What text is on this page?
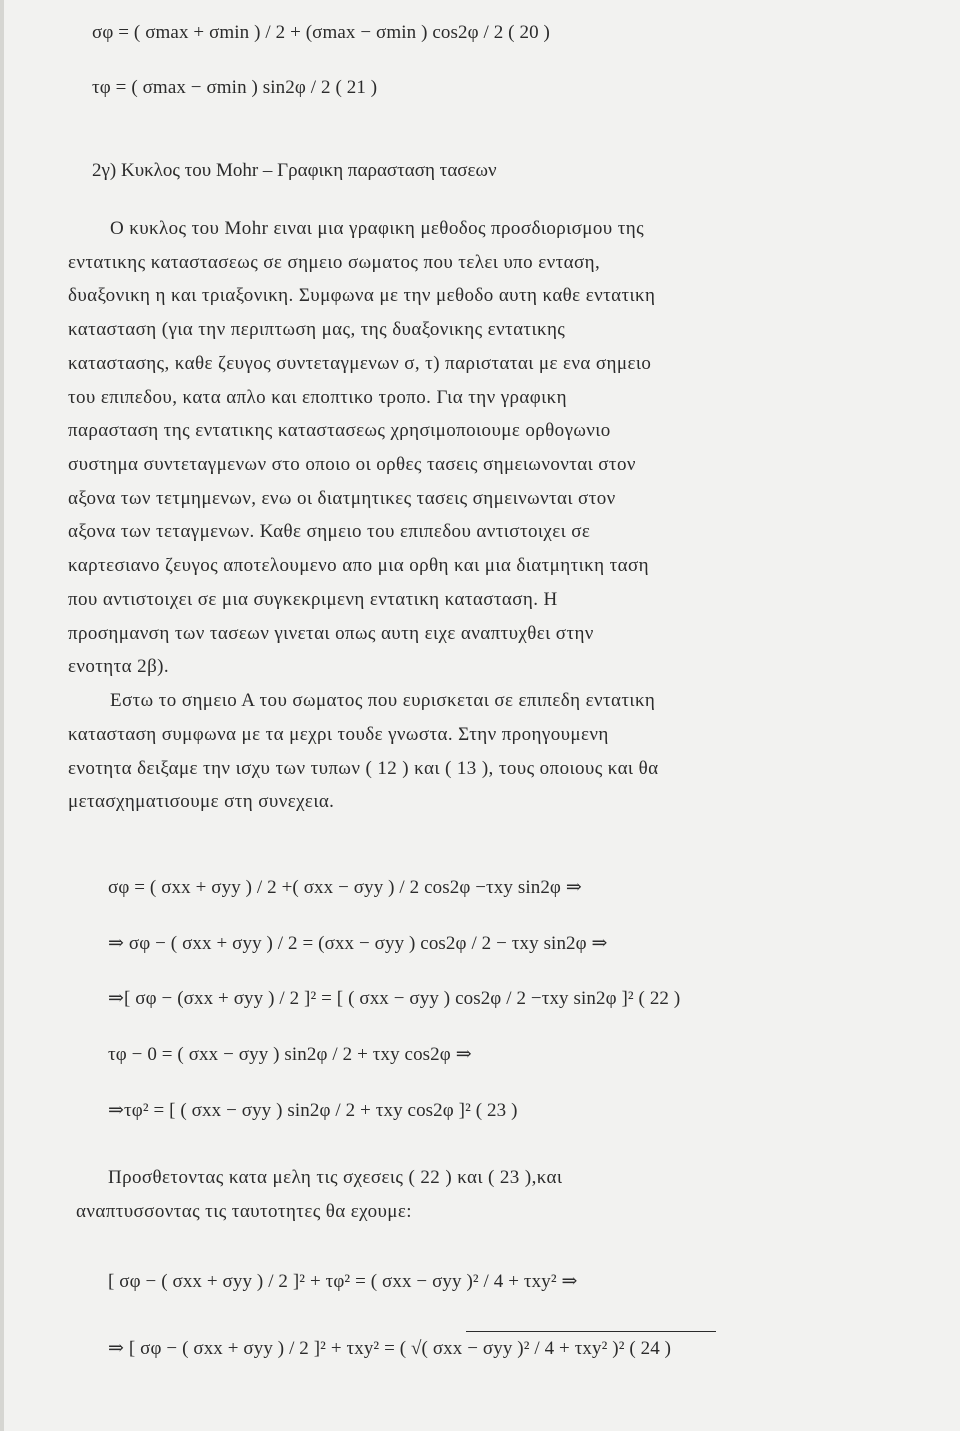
σφ = ( σmax + σmin ) / 2 + (σmax − σmin ) cos2φ / 2 ( 20 )
τφ = ( σmax − σmin ) sin2φ / 2 ( 21 )
2γ) Κυκλος του Mohr – Γραφικη παρασταση τασεων
Ο κυκλος του Mohr ειναι μια γραφικη μεθοδος προσδιορισμου της
εντατικης καταστασεως σε σημειο σωματος που τελει υπο ενταση,
δυαξονικη η και τριαξονικη. Συμφωνα με την μεθοδο αυτη καθε εντατικη
κατασταση (για την περιπτωση μας, της δυαξονικης εντατικης
καταστασης, καθε ζευγος συντεταγμενων σ, τ) παρισταται με ενα σημειο
του επιπεδου, κατα απλο και εποπτικο τροπο. Για την γραφικη
παρασταση της εντατικης καταστασεως χρησιμοποιουμε ορθογωνιο
συστημα συντεταγμενων στο οποιο οι ορθες τασεις σημειωνονται στον
αξονα των τετμημενων, ενω οι διατμητικες τασεις σημεινωνται στον
αξονα των τεταγμενων. Καθε σημειο του επιπεδου αντιστοιχει σε
καρτεσιανο ζευγος αποτελουμενο απο μια ορθη και μια διατμητικη ταση
που αντιστοιχει σε μια συγκεκριμενη εντατικη κατασταση. Η
προσημανση των τασεων γινεται οπως αυτη ειχε αναπτυχθει στην
ενοτητα 2β).
Εστω το σημειο Α του σωματος που ευρισκεται σε επιπεδη εντατικη
κατασταση συμφωνα με τα μεχρι τουδε γνωστα. Στην προηγουμενη
ενοτητα δειξαμε την ισχυ των τυπων ( 12 ) και ( 13 ), τους οποιους και θα
μετασχηματισουμε στη συνεχεια.
σφ = ( σxx + σyy ) / 2 +( σxx − σyy ) / 2 cos2φ −τxy sin2φ ⇒
⇒ σφ − ( σxx + σyy ) / 2 = (σxx − σyy ) cos2φ / 2 − τxy sin2φ ⇒
⇒[ σφ − (σxx + σyy ) / 2 ]² = [ ( σxx − σyy ) cos2φ / 2 −τxy sin2φ ]² ( 22 )
τφ − 0 = ( σxx − σyy ) sin2φ / 2 + τxy cos2φ ⇒
⇒τφ² = [ ( σxx − σyy ) sin2φ / 2 + τxy cos2φ ]² ( 23 )
Προσθετοντας κατα μελη τις σχεσεις ( 22 ) και ( 23 ),και
αναπτυσσοντας τις ταυτοτητες θα εχουμε:
[ σφ − ( σxx + σyy ) / 2 ]² + τφ² = ( σxx − σyy )² / 4 + τxy² ⇒
⇒ [ σφ − ( σxx + σyy ) / 2 ]² + τxy² = ( √( σxx − σyy )² / 4 + τxy² )² ( 24 )
